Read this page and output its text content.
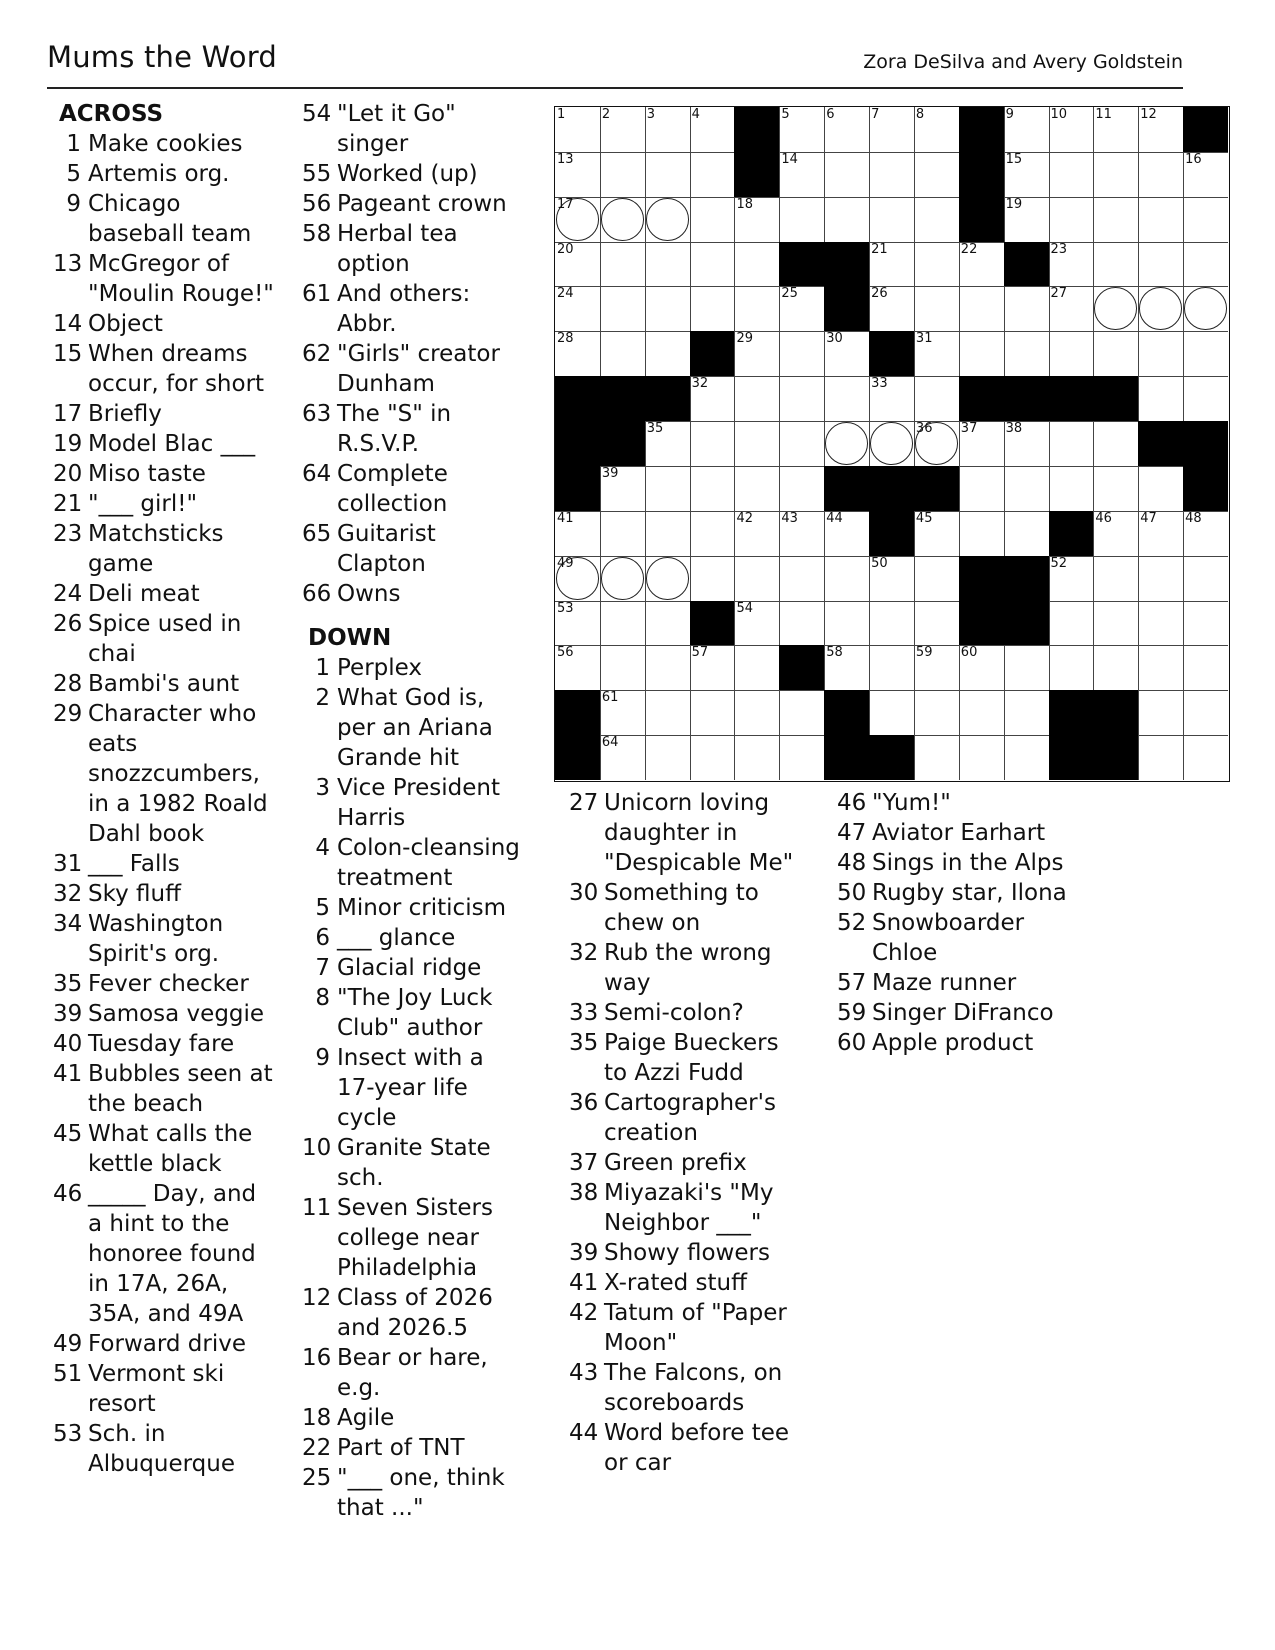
Mums the Word	Zora DeSilva and Avery Goldstein
ACROSS
1 Make cookies
5 Artemis org.
9 Chicago baseball team
13 McGregor of "Moulin Rouge!"
14 Object
15 When dreams occur, for short
17 Briefly
19 Model Blac ___
20 Miso taste
21 "___ girl!"
23 Matchsticks game
24 Deli meat
26 Spice used in chai
28 Bambi's aunt
29 Character who eats snozzcumbers, in a 1982 Roald Dahl book
31 ___ Falls
32 Sky fluff
34 Washington Spirit's org.
35 Fever checker
39 Samosa veggie
40 Tuesday fare
41 Bubbles seen at the beach
45 What calls the kettle black
46 _____ Day, and a hint to the honoree found in 17A, 26A, 35A, and 49A
49 Forward drive
51 Vermont ski resort
53 Sch. in Albuquerque
54 "Let it Go" singer
55 Worked (up)
56 Pageant crown
58 Herbal tea option
61 And others: Abbr.
62 "Girls" creator Dunham
63 The "S" in R.S.V.P.
64 Complete collection
65 Guitarist Clapton
66 Owns
DOWN
1 Perplex
2 What God is, per an Ariana Grande hit
3 Vice President Harris
4 Colon-cleansing treatment
5 Minor criticism
6 ___ glance
7 Glacial ridge
8 "The Joy Luck Club" author
9 Insect with a 17-year life cycle
10 Granite State sch.
11 Seven Sisters college near Philadelphia
12 Class of 2026 and 2026.5
16 Bear or hare, e.g.
18 Agile
22 Part of TNT
25 "___ one, think that ..."
27 Unicorn loving daughter in "Despicable Me"
30 Something to chew on
32 Rub the wrong way
33 Semi-colon?
35 Paige Bueckers to Azzi Fudd
36 Cartographer's creation
37 Green prefix
38 Miyazaki's "My Neighbor ___"
39 Showy flowers
41 X-rated stuff
42 Tatum of "Paper Moon"
43 The Falcons, on scoreboards
44 Word before tee or car
46 "Yum!"
47 Aviator Earhart
48 Sings in the Alps
50 Rugby star, Ilona
52 Snowboarder Chloe
57 Maze runner
59 Singer DiFranco
60 Apple product
1	2	3	4	5	6	7	8	9	10 11 12
13	14	15	16
17	18	19
20	21	22	23
24	25	26	27
28	29	30	31
32	33
35	36 37 38
39
41	42 43 44	45	46 47 48
49	50	52
53	54
56	57	58	59 60
61
64
